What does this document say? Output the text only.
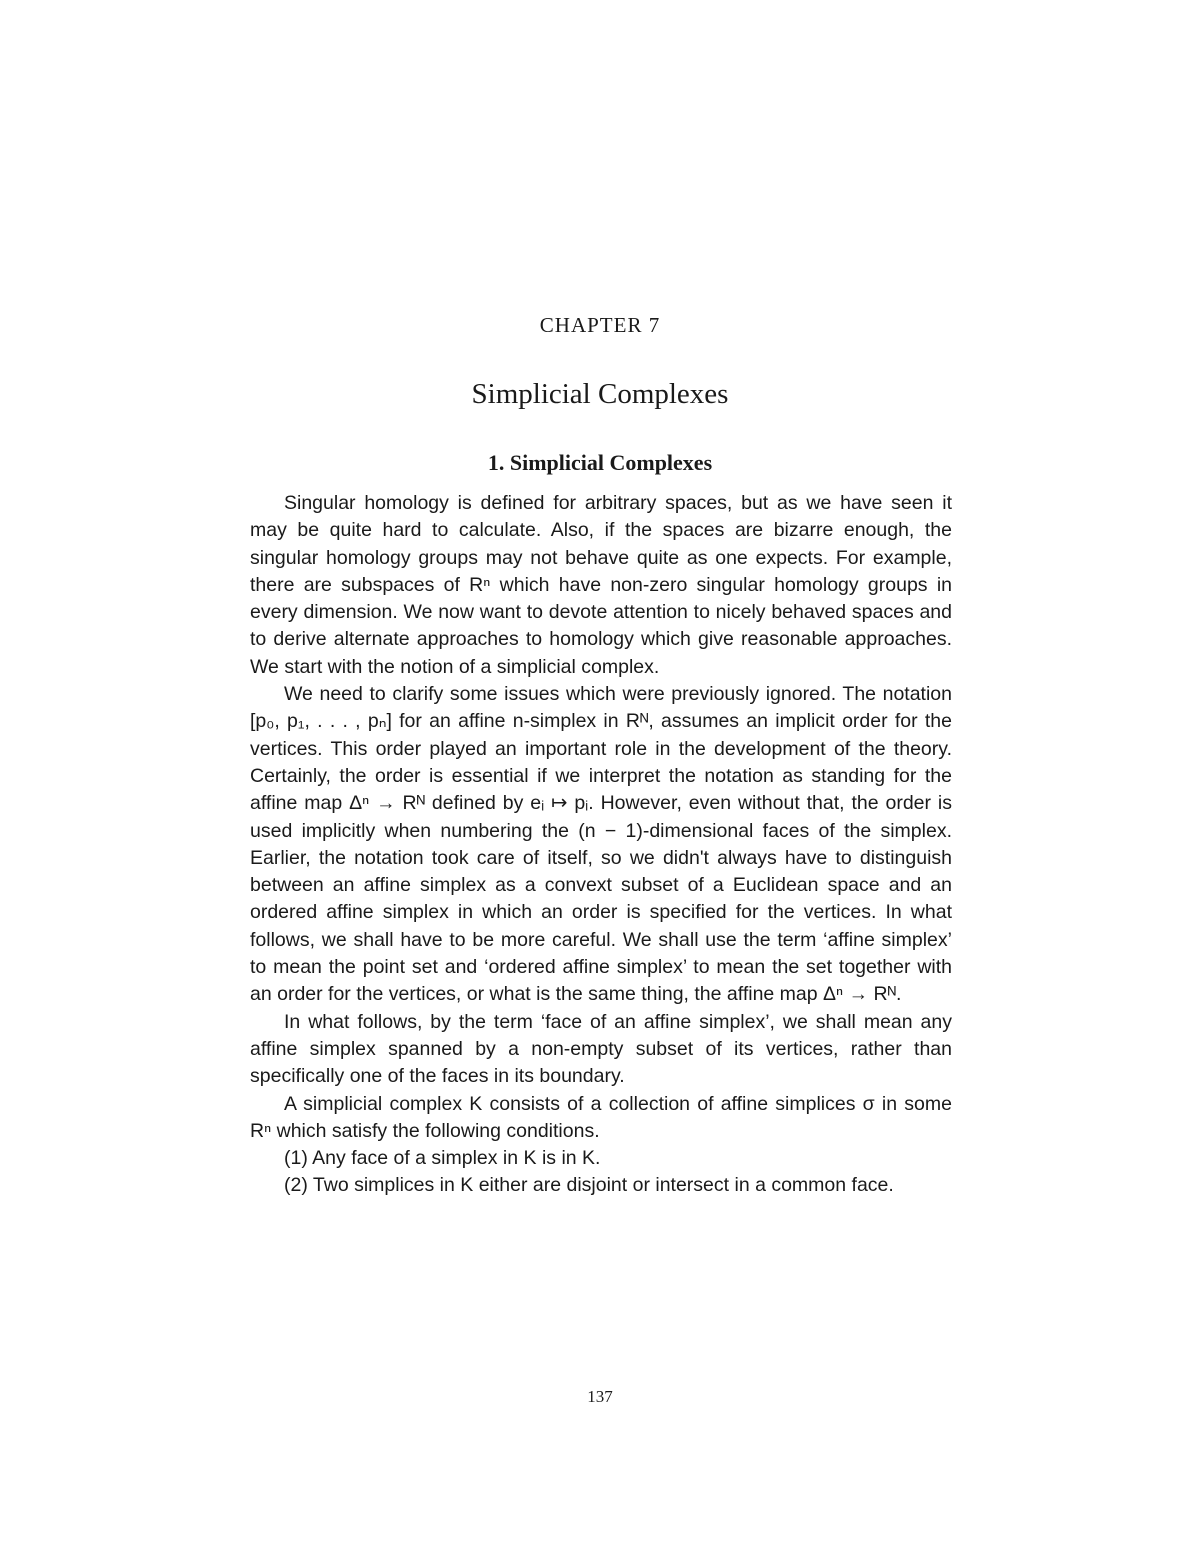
CHAPTER 7
Simplicial Complexes
1. Simplicial Complexes

Singular homology is defined for arbitrary spaces, but as we have seen it may be quite hard to calculate. Also, if the spaces are bizarre enough, the singular homology groups may not behave quite as one expects. For example, there are subspaces of Rⁿ which have non-zero singular homology groups in every dimension. We now want to devote attention to nicely behaved spaces and to derive alternate approaches to homology which give reasonable approaches. We start with the notion of a simplicial complex.

We need to clarify some issues which were previously ignored. The notation [p₀, p₁, . . . , pₙ] for an affine n-simplex in Rᴺ, assumes an implicit order for the vertices. This order played an important role in the development of the theory. Certainly, the order is essential if we interpret the notation as standing for the affine map Δⁿ → Rᴺ defined by eᵢ ↦ pᵢ. However, even without that, the order is used implicitly when numbering the (n − 1)-dimensional faces of the simplex. Earlier, the notation took care of itself, so we didn't always have to distinguish between an affine simplex as a convext subset of a Euclidean space and an ordered affine simplex in which an order is specified for the vertices. In what follows, we shall have to be more careful. We shall use the term ‘affine simplex’ to mean the point set and ‘ordered affine simplex’ to mean the set together with an order for the vertices, or what is the same thing, the affine map Δⁿ → Rᴺ.

In what follows, by the term ‘face of an affine simplex’, we shall mean any affine simplex spanned by a non-empty subset of its vertices, rather than specifically one of the faces in its boundary.

A simplicial complex K consists of a collection of affine simplices σ in some Rⁿ which satisfy the following conditions.

(1) Any face of a simplex in K is in K.

(2) Two simplices in K either are disjoint or intersect in a common face.

137
